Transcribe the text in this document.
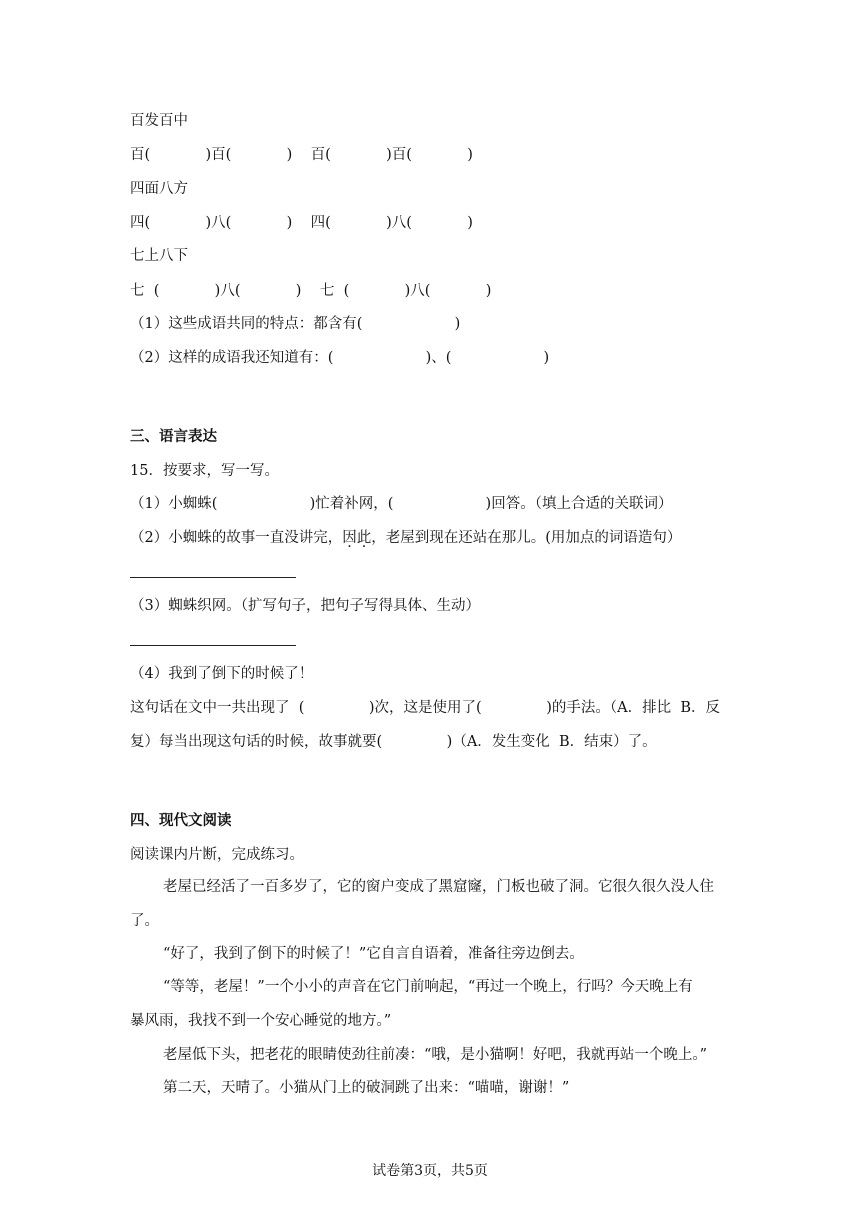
百发百中
百(            )百(            )    百(            )百(            )
四面八方
四(            )八(            )    四(            )八(            )
七上八下
七  (            )八(            )    七  (            )八(            )
（1）这些成语共同的特点：都含有(                    )
（2）这样的成语我还知道有：(                    )、(                    )
三、语言表达
15．按要求，写一写。
（1）小蜘蛛(                    )忙着补网，(                    )回答。（填上合适的关联词）
（2）小蜘蛛的故事一直没讲完，因此，老屋到现在还站在那儿。(用加点的词语造句）
（3）蜘蛛织网。（扩写句子，把句子写得具体、生动）
（4）我到了倒下的时候了！
这句话在文中一共出现了  (              )次，这是使用了(              )的手法。（A．排比  B．反
复）每当出现这句话的时候，故事就要(              )（A．发生变化  B．结束）了。
四、现代文阅读
阅读课内片断，完成练习。
老屋已经活了一百多岁了，它的窗户变成了黑窟窿，门板也破了洞。它很久很久没人住
了。
“好了，我到了倒下的时候了！”它自言自语着，准备往旁边倒去。
“等等，老屋！”一个小小的声音在它门前响起，“再过一个晚上，行吗？今天晚上有
暴风雨，我找不到一个安心睡觉的地方。”
老屋低下头，把老花的眼睛使劲往前凑：“哦，是小猫啊！好吧，我就再站一个晚上。”
第二天，天晴了。小猫从门上的破洞跳了出来：“喵喵，谢谢！”
试卷第3页，共5页
